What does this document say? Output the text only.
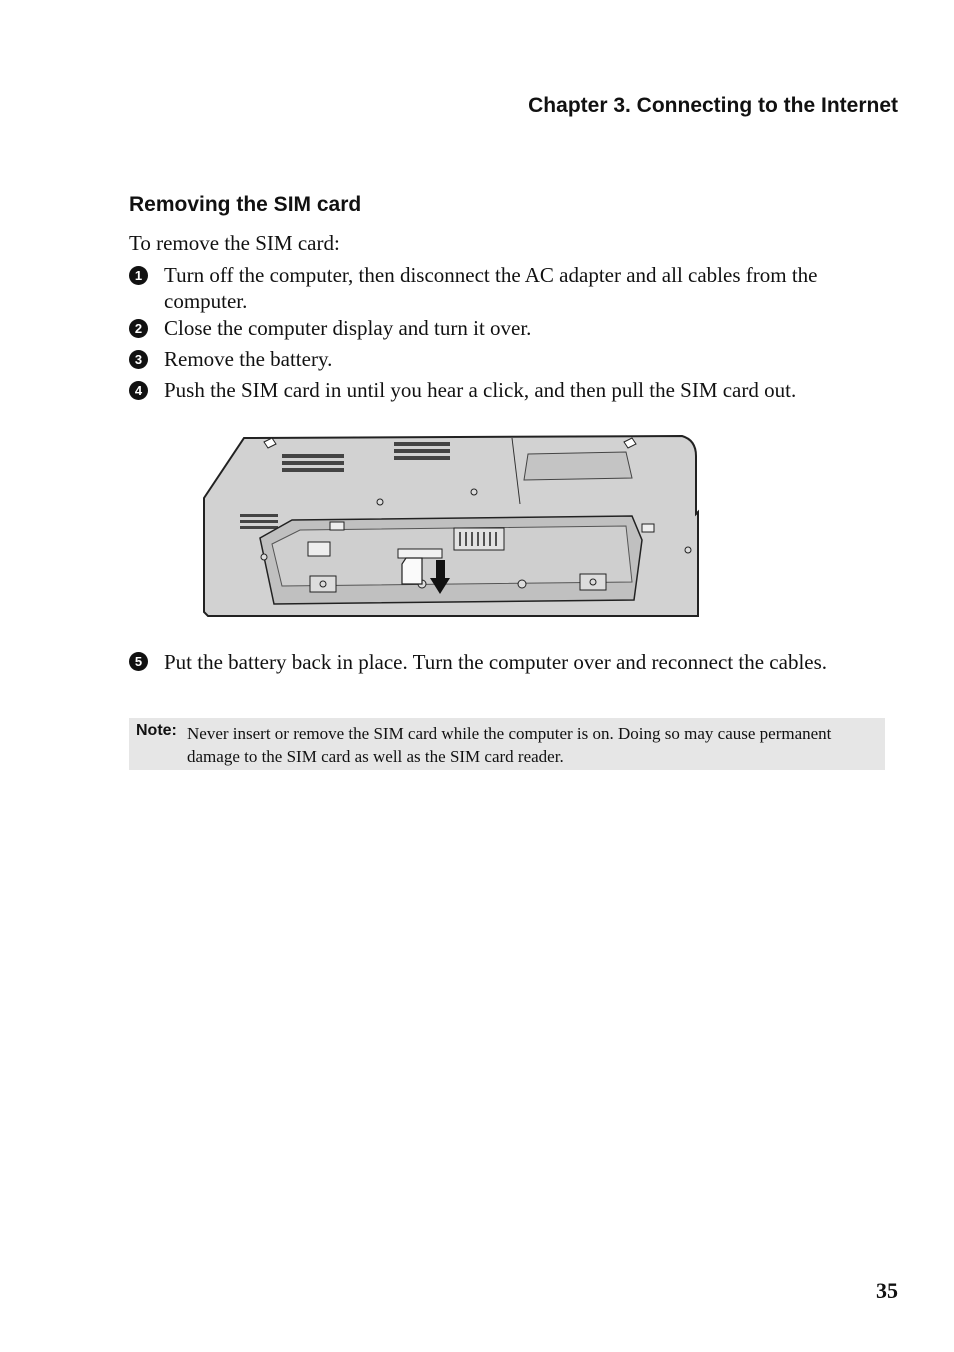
Chapter 3. Connecting to the Internet
Removing the SIM card
To remove the SIM card:
1 Turn off the computer, then disconnect the AC adapter and all cables from the computer.
2 Close the computer display and turn it over.
3 Remove the battery.
4 Push the SIM card in until you hear a click, and then pull the SIM card out.
5 Put the battery back in place. Turn the computer over and reconnect the cables.
Note: Never insert or remove the SIM card while the computer is on. Doing so may cause permanent damage to the SIM card as well as the SIM card reader.
35
